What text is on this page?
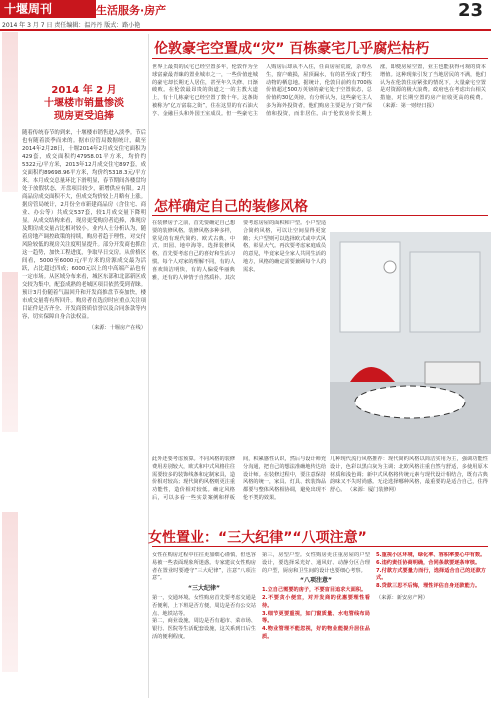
十堰周刊	生活服务·房产	23
2014 年 3 月 7 日 责任编辑：温丹丹 版式：路小艳
2014 年 2 月
十堰楼市销量惨淡
现房更受追捧
随着传统春节的到来，十堰楼市销售进入淡季。节后也有随着淡季而来的。据市房管局数据统计，截至2014年2月28日，十堰2014年2月成交住宅面积为429套，成交面积约47958.01平方米，均价约5322元/平方米，2013年12月成交住宅897套，成交面积约89698.96平方米，均价约5318.3元/平方米。本月成交总量环比下滑明显，春节期间各楼盘均处于放假状态，开盘项目较少，新增供应有限。2月商品房成交面积不大，但成交均价较上月略有上涨。据房管局统计，2月份全市新建商品房（含住宅、商业、办公等）共成交537套，较1月成交量下降明显。从成交结构来看，现房更受购房者追捧，准现房及期房成交量占比相对较小。业内人士分析认为，随着房地产调控政策的持续，购房者趋于理性，对交付风险较低的现房关注度明显提升。部分开发商也抓住这一趋势，加快工程进度，争取早日交房。从价格区间看，5000至6000元/平方米的房源成交最为活跃，占比超过四成；6000元以上的中高端产品也有一定市场。从区域分布来看，城区东部和北部新区成交较为集中，配套成熟的老城区项目依然受到青睐。预计3月份随着气温回升和开发商推盘节奏加快，楼市成交量将有所回升。购房者在选房时应重点关注项目证件是否齐全、开发商资质信誉以及合同条款等内容，切实保障自身合法权益。
（来源：十堰房产在线）
伦敦豪宅空置成“灾” 百栋豪宅几乎腐烂枯朽
世界上最贵的民宅已经空置多年，伦敦作为全球富豪最青睐的置业城市之一，一些价值连城的豪宅却长期无人居住，甚至年久失修、日渐破败。在伦敦最昂贵的街道之一的主教大道上，有十几栋豪宅已经空置了数十年。这条街被称为“亿万富翁之街”，住在这里的有石油大亨、金融巨头和外国王室成员。但一些豪宅主人购房后却从不入住，任由房屋荒废，杂草丛生，窗户破损，屋顶漏水，有的甚至成了野生动物的栖息地。据统计，伦敦目前约有700栋价值超过500万英镑的豪宅处于空置状态，总价值约30亿英镑。有分析认为，这些豪宅主人多为海外投资者，他们购房主要是为了资产保值和投资，而非居住。由于伦敦房价长期上涨，即便房屋空置，业主也能获得可观的资本增值。这种现象引发了当地居民的不满，他们认为在伦敦住房紧张的情况下，大量豪宅空置是对资源的极大浪费。政府也在考虑出台相关措施，对长期空置的房产征收更高的税费。 （来源：第一财经日报）
怎样确定自己的装修风格
在装修房子之前，首先要确定自己想要的装修风格。装修风格多种多样，常见的有现代简约、欧式古典、中式、田园、地中海等。选择装修风格，首先要考虑自己的喜好和生活习惯。每个人对家的理解不同，有的人喜欢简洁明快，有的人偏爱华丽典雅，还有的人钟情于自然质朴。其次要考虑房屋的面积和户型。小户型适合简约风格，可以让空间显得更宽敞；大户型则可以选择欧式或中式风格，彰显大气。再次要考虑家庭成员的意见，毕竟家是全家人共同生活的地方，风格的确定需要兼顾每个人的需求。
此外还要考虑预算。不同风格的装修费用差别较大，欧式和中式风格往往需要较多的装饰线条和定制家具，造价相对较高；现代简约风格则更注重功能性，造价相对较低。确定风格后，可以多看一些实景案例和样板间，积累感性认识，然后与设计师充分沟通，把自己的想法准确地传达给设计师。在装修过程中，要注意保持风格的统一，家具、灯具、软装饰品都要与整体风格相协调，避免出现不伦不类的效果。
几种现代流行风格推荐：现代简约风格以简洁实用为主，强调功能性设计，色彩以黑白灰为主调；北欧风格注重自然与舒适，多使用原木材质和浅色调；新中式风格将传统元素与现代设计相结合，既有古典韵味又不失时尚感。无论选择哪种风格，最重要的是适合自己，住得舒心。 （来源：厦门装修网）
女性置业：“三大纪律”“八项注意”
女性在购房过程中往往更加细心谨慎，但也容易被一些表面现象所迷惑。专家建议女性购房者在置业时要遵守“三大纪律”，注意“八项注意”。
“三大纪律”
第一，交通环境。女性购房首先要考虑交通是否便利，上下班是否方便，周边是否有公交站点、地铁站等。
第二，商业设施。周边是否有超市、菜市场、银行、医院等生活配套设施，这关系到日后生活的便利程度。
第三，房型户型。女性购房更注重房屋的户型设计，要选择采光好、通风好、动静分区合理的户型，厨房和卫生间的设计也要细心考察。
“八项注意”
1.立自己需要的房子，不要盲目追求大面积。
2.不要贪小便宜，对开发商的优惠要理性看待。
3.细节更要重视，如门窗质量、水电管线布局等。
4.物业管理不能忽视，好的物业能提升居住品质。
5.重视小区环境，绿化率、容积率要心中有数。
6.违约责任协商明确，合同条款要逐条审核。
7.付款方式要量力而行，选择适合自己的还款方式。
8.贷款三思不后悔，理性评估自身还款能力。
（来源：新安房产网）
